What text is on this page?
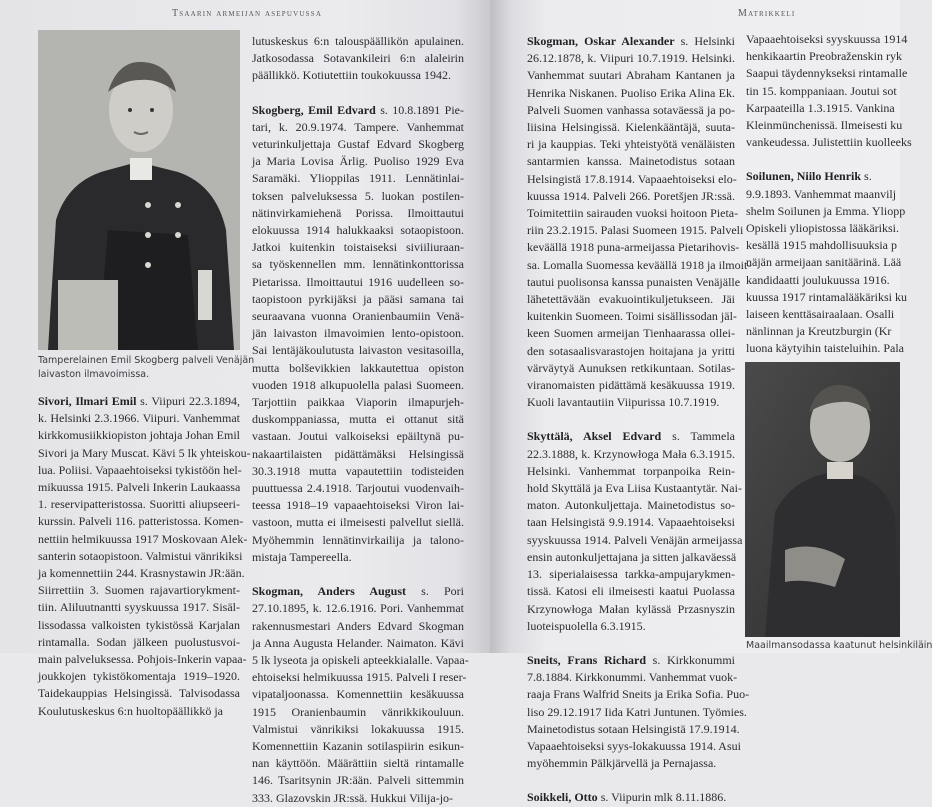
Tsaarin armeijan asepuvussa	Matrikkeli
Tamperelainen Emil Skogberg palveli Venäjän
laivaston ilmavoimissa.
Sivori, Ilmari Emil s. Viipuri 22.3.1894,
k. Helsinki 2.3.1966. Viipuri. Vanhemmat
kirkkomusiikkiopiston johtaja Johan Emil
Sivori ja Mary Muscat. Kävi 5 lk yhteiskou-
lua. Poliisi. Vapaaehtoiseksi tykistöön hel-
mikuussa 1915. Palveli Inkerin Laukaassa
1. reservipatteristossa. Suoritti aliupseeri-
kurssin. Palveli 116. patteristossa. Komen-
nettiin helmikuussa 1917 Moskovaan Alek-
santerin sotaopistoon. Valmistui vänrikiksi
ja komennettiin 244. Krasnystawin JR:ään.
Siirrettiin 3. Suomen rajavartiorykment-
tiin. Aliluutnantti syyskuussa 1917. Sisäl-
lissodassa valkoisten tykistössä Karjalan
rintamalla. Sodan jälkeen puolustusvoi-
main palveluksessa. Pohjois-Inkerin vapaa-
joukkojen tykistökomentaja 1919–1920.
Taidekauppias Helsingissä. Talvisodassa
Koulutuskeskus 6:n huoltopäällikkö ja
lutuskeskus 6:n talouspäällikön apulainen.
Jatkosodassa Sotavankileiri 6:n alaleirin
päällikkö. Kotiutettiin toukokuussa 1942.
Skogberg, Emil Edvard s. 10.8.1891 Pie-
tari, k. 20.9.1974. Tampere. Vanhemmat
veturinkuljettaja Gustaf Edvard Skogberg
ja Maria Lovisa Ärlig. Puoliso 1929 Eva
Saramäki. Ylioppilas 1911. Lennätinlai-
toksen palveluksessa 5. luokan postilen-
nätinvirkamiehenä Porissa. Ilmoittautui
elokuussa 1914 halukkaaksi sotaopistoon.
Jatkoi kuitenkin toistaiseksi siviiliuraan-
sa työskennellen mm. lennätinkonttorissa
Pietarissa. Ilmoittautui 1916 uudelleen so-
taopistoon pyrkijäksi ja pääsi samana tai
seuraavana vuonna Oranienbaumiin Venä-
jän laivaston ilmavoimien lento-opistoon.
Sai lentäjäkoulutusta laivaston vesitasoilla,
mutta bolševikkien lakkautettua opiston
vuoden 1918 alkupuolella palasi Suomeen.
Tarjottiin paikkaa Viaporin ilmapurjeh-
duskomppaniassa, mutta ei ottanut sitä
vastaan. Joutui valkoiseksi epäiltynä pu-
nakaartilaisten pidättämäksi Helsingissä
30.3.1918 mutta vapautettiin todisteiden
puuttuessa 2.4.1918. Tarjoutui vuodenvaih-
teessa 1918–19 vapaaehtoiseksi Viron lai-
vastoon, mutta ei ilmeisesti palvellut siellä.
Myöhemmin lennätinvirkailija ja talono-
mistaja Tampereella.
Skogman, Anders August s. Pori
27.10.1895, k. 12.6.1916. Pori. Vanhemmat
rakennusmestari Anders Edvard Skogman
ja Anna Augusta Helander. Naimaton. Kävi
5 lk lyseota ja opiskeli apteekkialalle. Vapaa-
ehtoiseksi helmikuussa 1915. Palveli I reser-
vipataljoonassa. Komennettiin kesäkuussa
1915 Oranienbaumin vänrikkikouluun.
Valmistui vänrikiksi lokakuussa 1915.
Komennettiin Kazanin sotilaspiirin esikun-
nan käyttöön. Määrättiin sieltä rintamalle
146. Tsaritsynin JR:ään. Palveli sittemmin
333. Glazovskin JR:ssä. Hukkui Vilija-jo-
Skogman, Oskar Alexander s. Helsinki
26.12.1878, k. Viipuri 10.7.1919. Helsinki.
Vanhemmat suutari Abraham Kantanen ja
Henrika Niskanen. Puoliso Erika Alina Ek.
Palveli Suomen vanhassa sotaväessä ja po-
liisina Helsingissä. Kielenkääntäjä, suuta-
ri ja kauppias. Teki yhteistyötä venäläisten
santarmien kanssa. Mainetodistus sotaan
Helsingistä 17.8.1914. Vapaaehtoiseksi elo-
kuussa 1914. Palveli 266. Poretšjen JR:ssä.
Toimitettiin sairauden vuoksi hoitoon Pieta-
riin 23.2.1915. Palasi Suomeen 1915. Palveli
keväällä 1918 puna-armeijassa Pietarihovis-
sa. Lomalla Suomessa keväällä 1918 ja ilmoit-
tautui puolisonsa kanssa punaisten Venäjälle
lähetettävään evakuointikuljetukseen. Jäi
kuitenkin Suomeen. Toimi sisällissodan jäl-
keen Suomen armeijan Tienhaarassa ollei-
den sotasaalisvarastojen hoitajana ja yritti
värväytyä Aunuksen retkikuntaan. Sotilas-
viranomaisten pidättämä kesäkuussa 1919.
Kuoli lavantautiin Viipurissa 10.7.1919.
Skyttälä, Aksel Edvard s. Tammela
22.3.1888, k. Krzynowłoga Mała 6.3.1915.
Helsinki. Vanhemmat torpanpoika Rein-
hold Skyttälä ja Eva Liisa Kustaantytär. Nai-
maton. Autonkuljettaja. Mainetodistus so-
taan Helsingistä 9.9.1914. Vapaaehtoiseksi
syyskuussa 1914. Palveli Venäjän armeijassa
ensin autonkuljettajana ja sitten jalkaväessä
13. siperialaisessa tarkka-ampujarykmen-
tissä. Katosi eli ilmeisesti kaatui Puolassa
Krzynowłoga Małan kylässä Przasnyszin
luoteispuolella 6.3.1915.
Sneits, Frans Richard s. Kirkkonummi
7.8.1884. Kirkkonummi. Vanhemmat vuok-
raaja Frans Walfrid Sneits ja Erika Sofia. Puo-
liso 29.12.1917 Iida Katri Juntunen. Työmies.
Mainetodistus sotaan Helsingistä 17.9.1914.
Vapaaehtoiseksi syys-lokakuussa 1914. Asui
myöhemmin Pälkjärvellä ja Pernajassa.
Soikkeli, Otto s. Viipurin mlk 8.11.1886.
Vapaaehtoiseksi syyskuussa 1914
henkikaartin Preobraženskin ryk
Saapui täydennykseksi rintamalle
tin 15. komppaniaan. Joutui sot
Karpaateilla 1.3.1915. Vankina
Kleinmünchenissä. Ilmeisesti ku
vankeudessa. Julistettiin kuolleeks
Soilunen, Niilo Henrik s.
9.9.1893. Vanhemmat maanvilj
shelm Soilunen ja Emma. Yliopp
Opiskeli yliopistossa lääkäriksi.
kesällä 1915 mahdollisuuksia p
näjän armeijaan sanitäärinä. Lää
kandidaatti joulukuussa 1916.
kuussa 1917 rintamalääkäriksi ku
laiseen kenttäsairaalaan. Osalli
nänlinnan ja Kreutzburgin (Kr
luona käytyihin taisteluihin. Pala
Maailmansodassa kaatunut helsinkiläin
